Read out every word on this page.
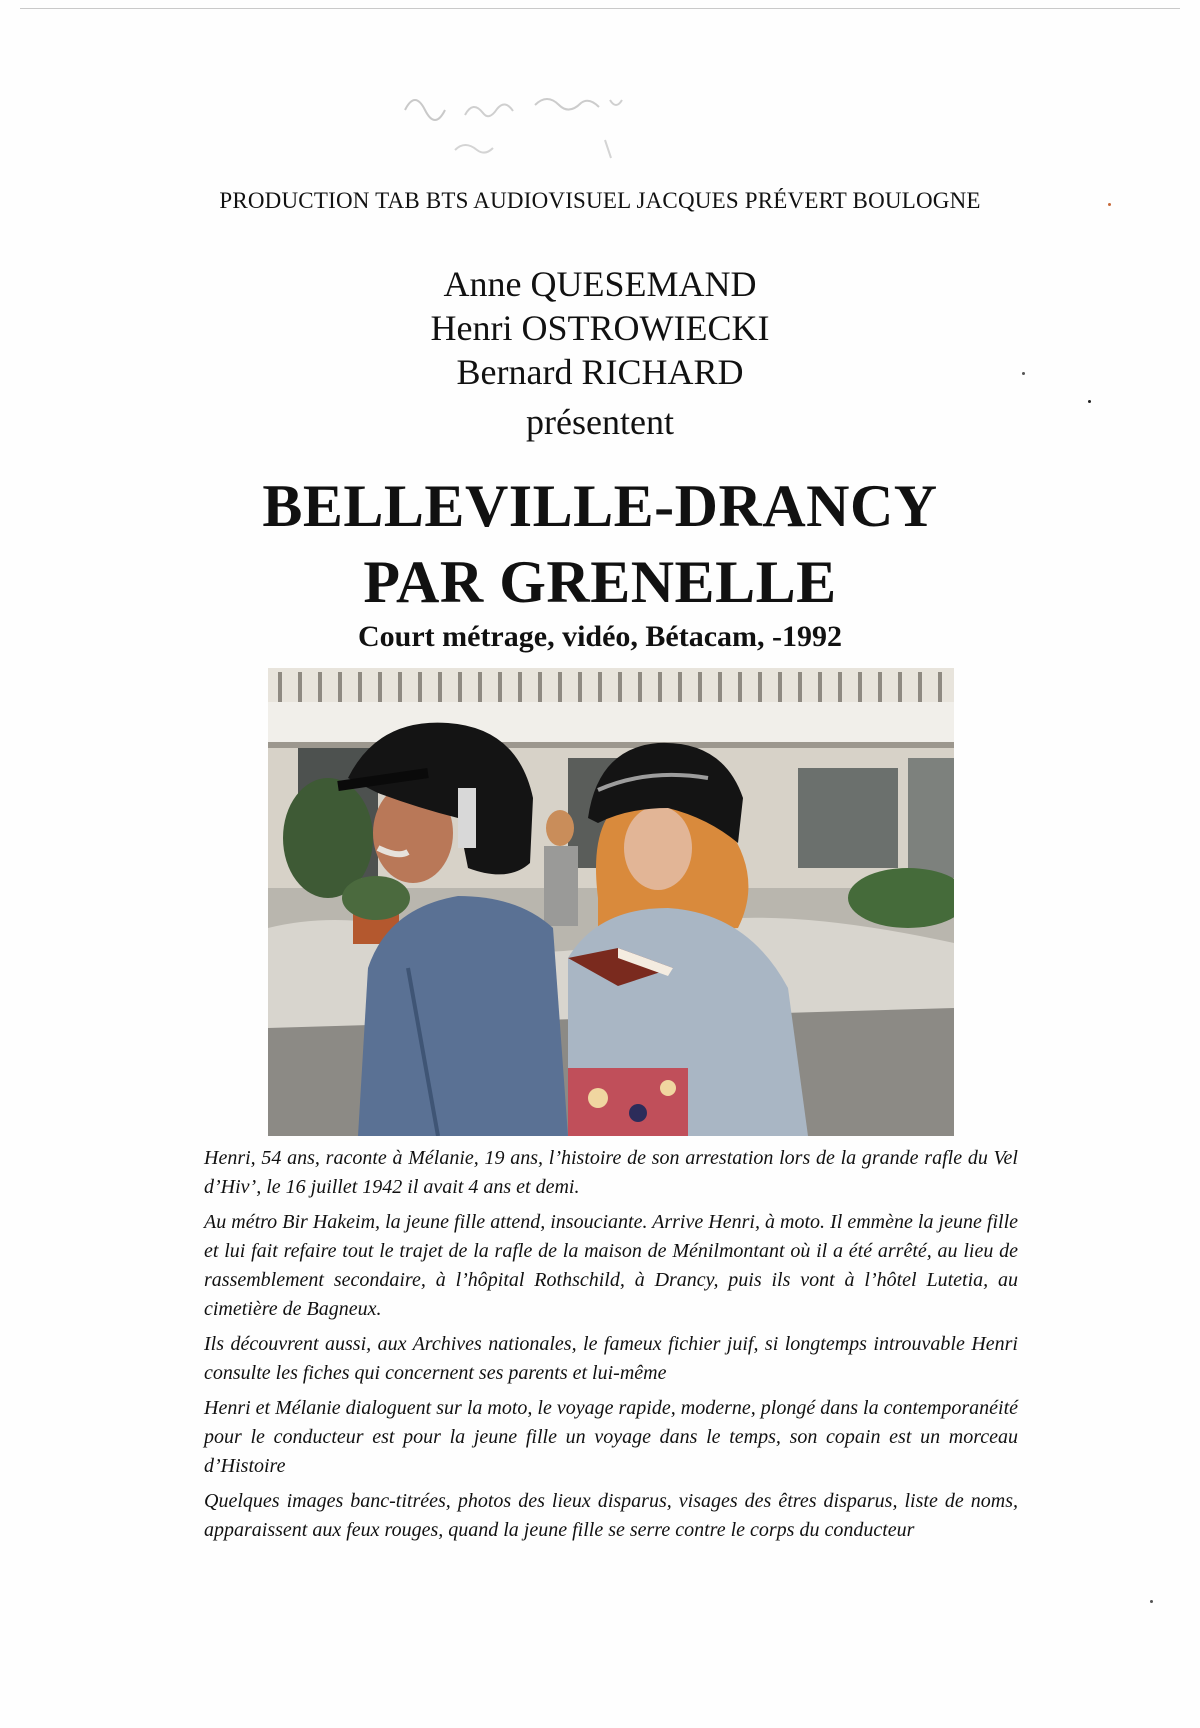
PRODUCTION TAB BTS AUDIOVISUEL JACQUES PRÉVERT BOULOGNE
Anne QUESEMAND
Henri OSTROWIECKI
Bernard RICHARD
présentent
BELLEVILLE-DRANCY
PAR GRENELLE
Court métrage, vidéo, Bétacam, -1992

Henri, 54 ans, raconte à Mélanie, 19 ans, l’histoire de son arrestation lors de la grande rafle du Vel d’Hiv’, le 16 juillet 1942 il avait 4 ans et demi.

Au métro Bir Hakeim, la jeune fille attend, insouciante. Arrive Henri, à moto. Il emmène la jeune fille et lui fait refaire tout le trajet de la rafle de la maison de Ménilmontant où il a été arrêté, au lieu de rassemblement secondaire, à l’hôpital Rothschild, à Drancy, puis ils vont à l’hôtel Lutetia, au cimetière de Bagneux.

Ils découvrent aussi, aux Archives nationales, le fameux fichier juif, si longtemps introuvable Henri consulte les fiches qui concernent ses parents et lui-même

Henri et Mélanie dialoguent sur la moto, le voyage rapide, moderne, plongé dans la contemporanéité pour le conducteur est pour la jeune fille un voyage dans le temps, son copain est un morceau d’Histoire

Quelques images banc-titrées, photos des lieux disparus, visages des êtres disparus, liste de noms, apparaissent aux feux rouges, quand la jeune fille se serre contre le corps du conducteur
